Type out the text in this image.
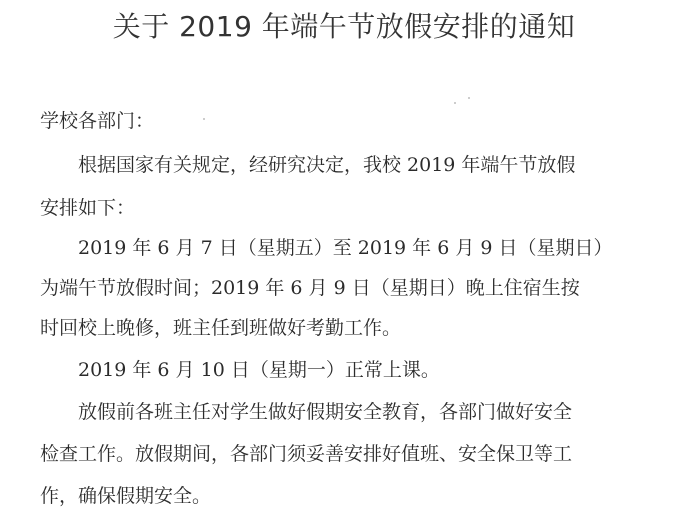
关于 2019 年端午节放假安排的通知
学校各部门：
根据国家有关规定，经研究决定，我校 2019 年端午节放假
安排如下：
2019 年 6 月 7 日（星期五）至 2019 年 6 月 9 日（星期日）
为端午节放假时间；2019 年 6 月 9 日（星期日）晚上住宿生按
时回校上晚修，班主任到班做好考勤工作。
2019 年 6 月 10 日（星期一）正常上课。
放假前各班主任对学生做好假期安全教育，各部门做好安全
检查工作。放假期间，各部门须妥善安排好值班、安全保卫等工
作，确保假期安全。
